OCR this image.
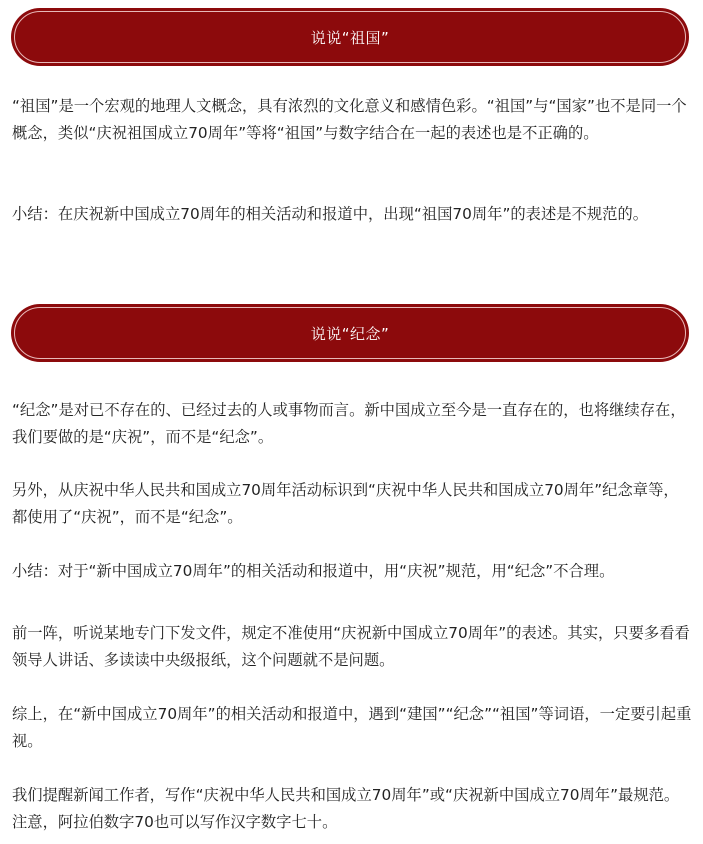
说说“祖国”

“祖国”是一个宏观的地理人文概念，具有浓烈的文化意义和感情色彩。“祖国”与“国家”也不是同一个概念，类似“庆祝祖国成立70周年”等将“祖国”与数字结合在一起的表述也是不正确的。

小结：在庆祝新中国成立70周年的相关活动和报道中，出现“祖国70周年”的表述是不规范的。

说说“纪念”

“纪念”是对已不存在的、已经过去的人或事物而言。新中国成立至今是一直存在的，也将继续存在，我们要做的是“庆祝”，而不是“纪念”。

另外，从庆祝中华人民共和国成立70周年活动标识到“庆祝中华人民共和国成立70周年”纪念章等，都使用了“庆祝”，而不是“纪念”。

小结：对于“新中国成立70周年”的相关活动和报道中，用“庆祝”规范，用“纪念”不合理。

前一阵，听说某地专门下发文件，规定不准使用“庆祝新中国成立70周年”的表述。其实，只要多看看领导人讲话、多读读中央级报纸，这个问题就不是问题。

综上，在“新中国成立70周年”的相关活动和报道中，遇到“建国”“纪念”“祖国”等词语，一定要引起重视。

我们提醒新闻工作者，写作“庆祝中华人民共和国成立70周年”或“庆祝新中国成立70周年”最规范。注意，阿拉伯数字70也可以写作汉字数字七十。
